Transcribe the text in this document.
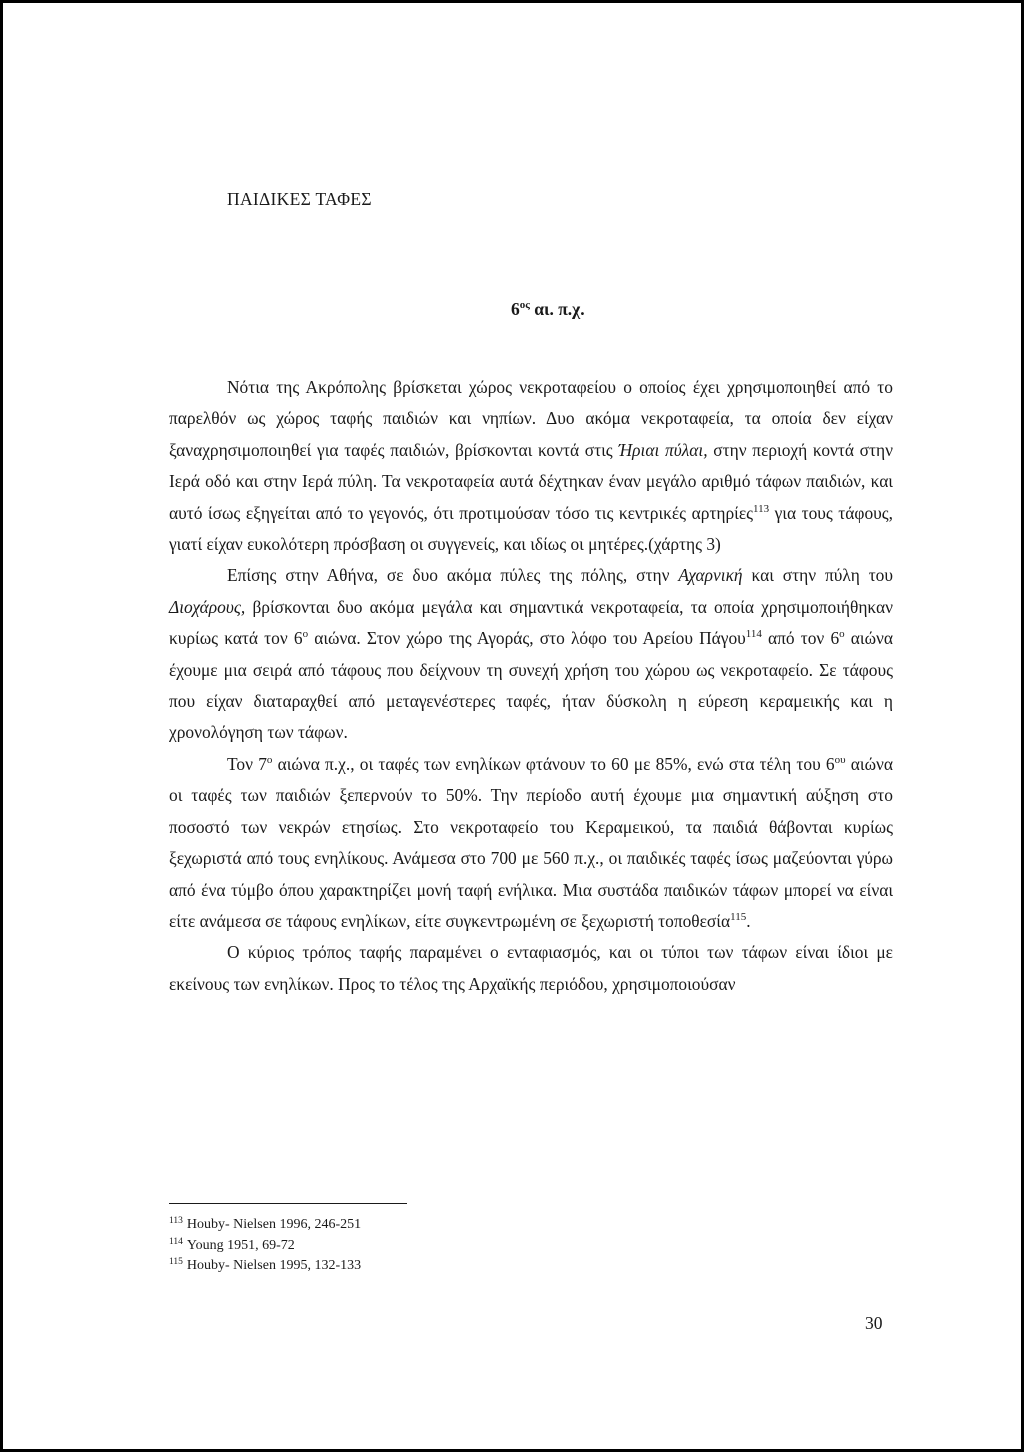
ΠΑΙΔΙΚΕΣ ΤΑΦΕΣ
$6^{o\varsigma}$ αι. π.χ.

Νότια της Ακρόπολης βρίσκεται χώρος νεκροταφείου ο οποίος έχει χρησιμοποιηθεί από το παρελθόν ως χώρος ταφής παιδιών και νηπίων. Δυο ακόμα νεκροταφεία, τα οποία δεν είχαν ξαναχρησιμοποιηθεί για ταφές παιδιών, βρίσκονται κοντά στις Ήριαι πύλαι, στην περιοχή κοντά στην Ιερά οδό και στην Ιερά πύλη. Τα νεκροταφεία αυτά δέχτηκαν έναν μεγάλο αριθμό τάφων παιδιών, και αυτό ίσως εξηγείται από το γεγονός, ότι προτιμούσαν τόσο τις κεντρικές αρτηρίες$^{113}$ για τους τάφους, γιατί είχαν ευκολότερη πρόσβαση οι συγγενείς, και ιδίως οι μητέρες.(χάρτης 3)

Επίσης στην Αθήνα, σε δυο ακόμα πύλες της πόλης, στην Αχαρνική και στην πύλη του Διοχάρους, βρίσκονται δυο ακόμα μεγάλα και σημαντικά νεκροταφεία, τα οποία χρησιμοποιήθηκαν κυρίως κατά τον $6^o$ αιώνα. Στον χώρο της Αγοράς, στο λόφο του Αρείου Πάγου$^{114}$ από τον $6^o$ αιώνα έχουμε μια σειρά από τάφους που δείχνουν τη συνεχή χρήση του χώρου ως νεκροταφείο. Σε τάφους που είχαν διαταραχθεί από μεταγενέστερες ταφές, ήταν δύσκολη η εύρεση κεραμεικής και η χρονολόγηση των τάφων.

Τον $7^o$ αιώνα π.χ., οι ταφές των ενηλίκων φτάνουν το 60 με 85%, ενώ στα τέλη του $6^{o\upsilon}$ αιώνα οι ταφές των παιδιών ξεπερνούν το 50%. Την περίοδο αυτή έχουμε μια σημαντική αύξηση στο ποσοστό των νεκρών ετησίως. Στο νεκροταφείο του Κεραμεικού, τα παιδιά θάβονται κυρίως ξεχωριστά από τους ενηλίκους. Ανάμεσα στο 700 με 560 π.χ., οι παιδικές ταφές ίσως μαζεύονται γύρω από ένα τύμβο όπου χαρακτηρίζει μονή ταφή ενήλικα. Μια συστάδα παιδικών τάφων μπορεί να είναι είτε ανάμεσα σε τάφους ενηλίκων, είτε συγκεντρωμένη σε ξεχωριστή τοποθεσία$^{115}$.

Ο κύριος τρόπος ταφής παραμένει ο ενταφιασμός, και οι τύποι των τάφων είναι ίδιοι με εκείνους των ενηλίκων. Προς το τέλος της Αρχαϊκής περιόδου, χρησιμοποιούσαν

$^{113}$ Houby- Nielsen 1996, 246-251
$^{114}$ Young 1951, 69-72
$^{115}$ Houby- Nielsen 1995, 132-133
30
